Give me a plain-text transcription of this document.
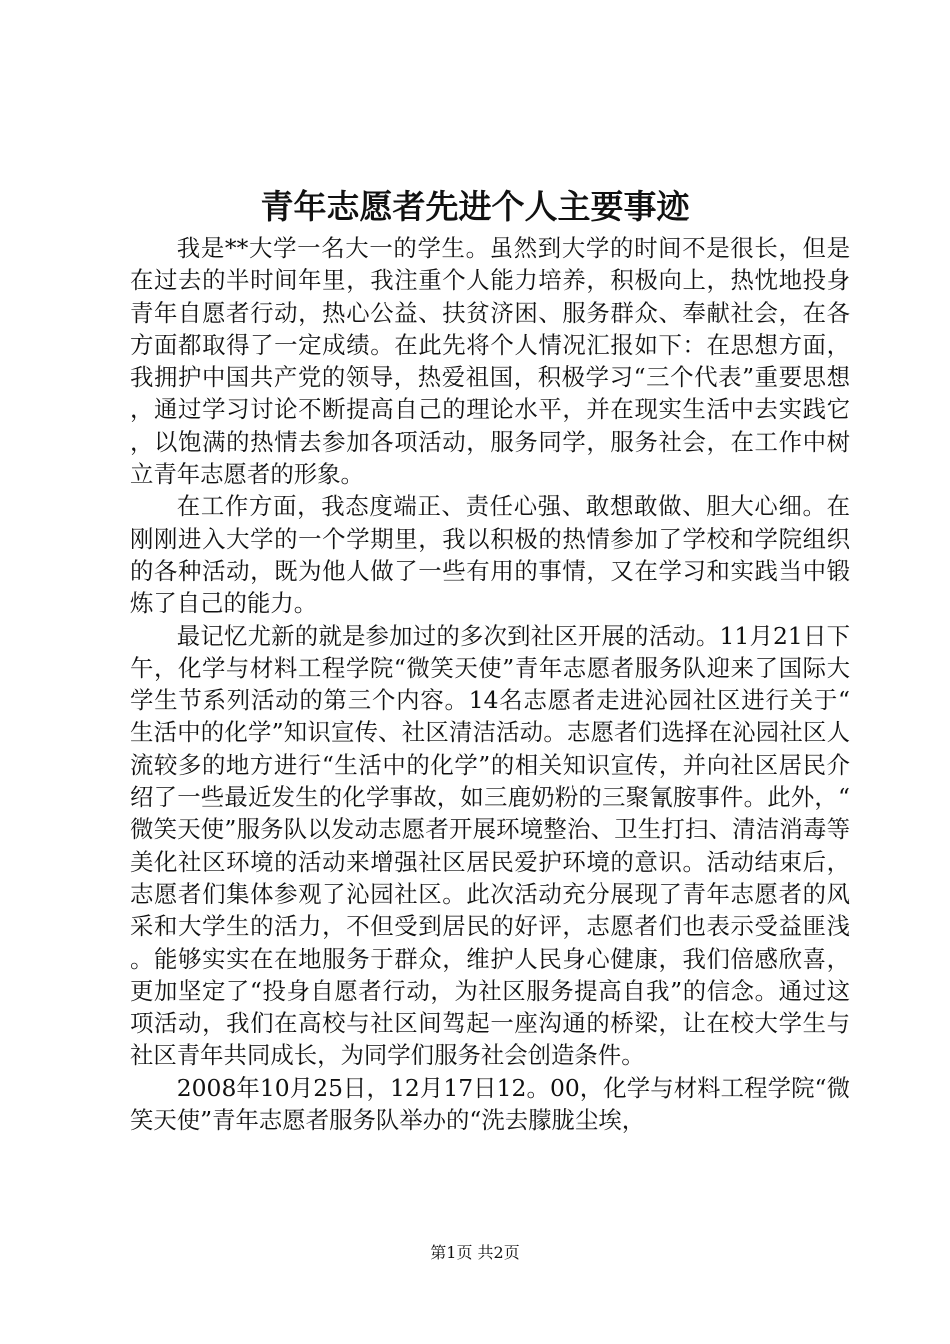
青年志愿者先进个人主要事迹

我是**大学一名大一的学生。虽然到大学的时间不是很长，但是在过去的半时间年里，我注重个人能力培养，积极向上，热忱地投身青年自愿者行动，热心公益、扶贫济困、服务群众、奉献社会，在各方面都取得了一定成绩。在此先将个人情况汇报如下：在思想方面，我拥护中国共产党的领导，热爱祖国，积极学习“三个代表”重要思想，通过学习讨论不断提高自己的理论水平，并在现实生活中去实践它，以饱满的热情去参加各项活动，服务同学，服务社会，在工作中树立青年志愿者的形象。

在工作方面，我态度端正、责任心强、敢想敢做、胆大心细。在刚刚进入大学的一个学期里，我以积极的热情参加了学校和学院组织的各种活动，既为他人做了一些有用的事情，又在学习和实践当中锻炼了自己的能力。

最记忆尤新的就是参加过的多次到社区开展的活动。11月21日下午，化学与材料工程学院“微笑天使”青年志愿者服务队迎来了国际大学生节系列活动的第三个内容。14名志愿者走进沁园社区进行关于“生活中的化学”知识宣传、社区清洁活动。志愿者们选择在沁园社区人流较多的地方进行“生活中的化学”的相关知识宣传，并向社区居民介绍了一些最近发生的化学事故，如三鹿奶粉的三聚氰胺事件。此外，“微笑天使”服务队以发动志愿者开展环境整治、卫生打扫、清洁消毒等美化社区环境的活动来增强社区居民爱护环境的意识。活动结束后，志愿者们集体参观了沁园社区。此次活动充分展现了青年志愿者的风采和大学生的活力，不但受到居民的好评，志愿者们也表示受益匪浅。能够实实在在地服务于群众，维护人民身心健康，我们倍感欣喜，更加坚定了“投身自愿者行动，为社区服务提高自我”的信念。通过这项活动，我们在高校与社区间驾起一座沟通的桥梁，让在校大学生与社区青年共同成长，为同学们服务社会创造条件。

2008年10月25日，12月17日12。00，化学与材料工程学院“微笑天使”青年志愿者服务队举办的“洗去朦胧尘埃，

第1页 共2页
